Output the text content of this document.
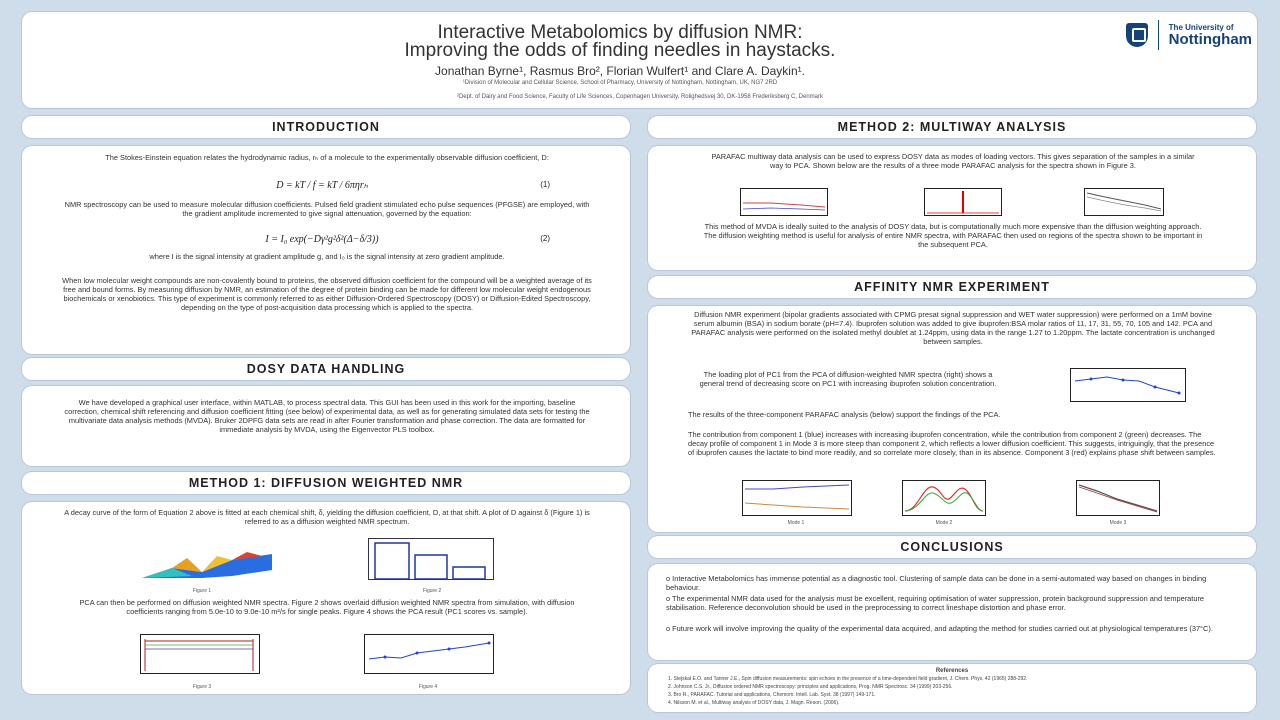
Interactive Metabolomics by diffusion NMR:
Improving the odds of finding needles in haystacks.
Jonathan Byrne¹, Rasmus Bro², Florian Wulfert¹ and Clare A. Daykin¹.
¹Division of Molecular and Cellular Science, School of Pharmacy, University of Nottingham, Nottingham, UK, NG7 2RD
²Dept. of Dairy and Food Science, Faculty of Life Sciences, Copenhagen University, Rolighedsvej 30, DK-1958 Frederiksberg C, Denmark
The University of
Nottingham
INTRODUCTION
The Stokes-Einstein equation relates the hydrodynamic radius, rₕ of a molecule to the experimentally observable diffusion coefficient, D:
D = kT / f = kT / 6πηrₕ	(1)
NMR spectroscopy can be used to measure molecular diffusion coefficients. Pulsed field gradient stimulated echo pulse sequences (PFGSE) are employed, with the gradient amplitude incremented to give signal attenuation, governed by the equation:
I = I₀ exp(−Dγ²g²δ²(Δ−δ/3))	(2)
where I is the signal intensity at gradient amplitude g, and I₀ is the signal intensity at zero gradient amplitude.
When low molecular weight compounds are non-covalently bound to proteins, the observed diffusion coefficient for the compound will be a weighted average of its free and bound forms. By measuring diffusion by NMR, an estimation of the degree of protein binding can be made for different low molecular weight endogenous biochemicals or xenobiotics. This type of experiment is commonly referred to as either Diffusion-Ordered Spectroscopy (DOSY) or Diffusion-Edited Spectroscopy, depending on the type of post-acquisition data processing which is applied to the spectra.
DOSY DATA HANDLING
We have developed a graphical user interface, within MATLAB, to process spectral data. This GUI has been used in this work for the importing, baseline correction, chemical shift referencing and diffusion coefficient fitting (see below) of experimental data, as well as for generating simulated data sets for testing the multivariate data analysis methods (MVDA). Bruker 2DPFG data sets are read in after Fourier transformation and phase correction. The data are formatted for immediate analysis by MVDA, using the Eigenvector PLS toolbox.
METHOD 1: DIFFUSION WEIGHTED NMR
A decay curve of the form of Equation 2 above is fitted at each chemical shift, δ, yielding the diffusion coefficient, D, at that shift. A plot of D against δ (Figure 1) is referred to as a diffusion weighted NMR spectrum.
Figure 1	Figure 2
PCA can then be performed on diffusion weighted NMR spectra. Figure 2 shows overlaid diffusion weighted NMR spectra from simulation, with diffusion coefficients ranging from 5.0e-10 to 9.0e-10 m²/s for single peaks. Figure 4 shows the PCA result (PC1 scores vs. sample).
Figure 3	Figure 4
METHOD 2: MULTIWAY ANALYSIS
PARAFAC multiway data analysis can be used to express DOSY data as modes of loading vectors. This gives separation of the samples in a similar way to PCA. Shown below are the results of a three mode PARAFAC analysis for the spectra shown in Figure 3.
This method of MVDA is ideally suited to the analysis of DOSY data, but is computationally much more expensive than the diffusion weighting approach. The diffusion weighting method is useful for analysis of entire NMR spectra, with PARAFAC then used on regions of the spectra shown to be important in the subsequent PCA.
AFFINITY NMR EXPERIMENT
Diffusion NMR experiment (bipolar gradients associated with CPMG presat signal suppression and WET water suppression) were performed on a 1mM bovine serum albumin (BSA) in sodium borate (pH=7.4). Ibuprofen solution was added to give ibuprofen:BSA molar ratios of 11, 17, 31, 55, 70, 105 and 142. PCA and PARAFAC analysis were performed on the isolated methyl doublet at 1.24ppm, using data in the range 1.27 to 1.20ppm. The lactate concentration is unchanged between samples.
The loading plot of PC1 from the PCA of diffusion-weighted NMR spectra (right) shows a general trend of decreasing score on PC1 with increasing ibuprofen solution concentration.
The results of the three-component PARAFAC analysis (below) support the findings of the PCA.
The contribution from component 1 (blue) increases with increasing ibuprofen concentration, while the contribution from component 2 (green) decreases. The decay profile of component 1 in Mode 3 is more steep than component 2, which reflects a lower diffusion coefficient. This suggests, intriguingly, that the presence of ibuprofen causes the lactate to bind more readily, and so correlate more closely, than in its absence. Component 3 (red) explains phase shift between samples.
Mode 1	Mode 2	Mode 3
CONCLUSIONS
o Interactive Metabolomics has immense potential as a diagnostic tool. Clustering of sample data can be done in a semi-automated way based on changes in binding behaviour.
o The experimental NMR data used for the analysis must be excellent, requiring optimisation of water suppression, protein background suppression and temperature stabilisation. Reference deconvolution should be used in the preprocessing to correct lineshape distortion and phase error.
o Future work will involve improving the quality of the experimental data acquired, and adapting the method for studies carried out at physiological temperatures (37°C).
References
1. Stejskal E.O. and Tanner J.E., Spin diffusion measurements: spin echoes in the presence of a time-dependent field gradient, J. Chem. Phys. 42 (1965) 288-292.
2. Johnson C.S. Jr., Diffusion ordered NMR spectroscopy: principles and applications, Prog. NMR Spectrosc. 34 (1999) 203-256.
3. Bro R., PARAFAC. Tutorial and applications, Chemom. Intell. Lab. Syst. 38 (1997) 149-171.
4. Nilsson M. et al., Multiway analysis of DOSY data, J. Magn. Reson. (2006).
